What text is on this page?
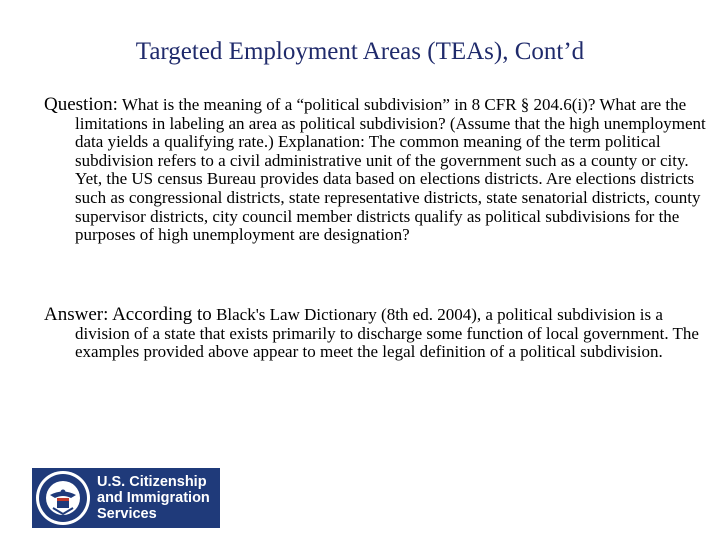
Targeted Employment Areas (TEAs), Cont’d
Question: What is the meaning of a “political subdivision” in 8 CFR § 204.6(i)? What are the limitations in labeling an area as political subdivision? (Assume that the high unemployment data yields a qualifying rate.) Explanation: The common meaning of the term political subdivision refers to a civil administrative unit of the government such as a county or city. Yet, the US census Bureau provides data based on elections districts. Are elections districts such as congressional districts, state representative districts, state senatorial districts, county supervisor districts, city council member districts qualify as political subdivisions for the purposes of high unemployment are designation?
Answer: According to Black's Law Dictionary (8th ed. 2004), a political subdivision is a division of a state that exists primarily to discharge some function of local government. The examples provided above appear to meet the legal definition of a political subdivision.
U.S. Citizenship
and Immigration
Services
